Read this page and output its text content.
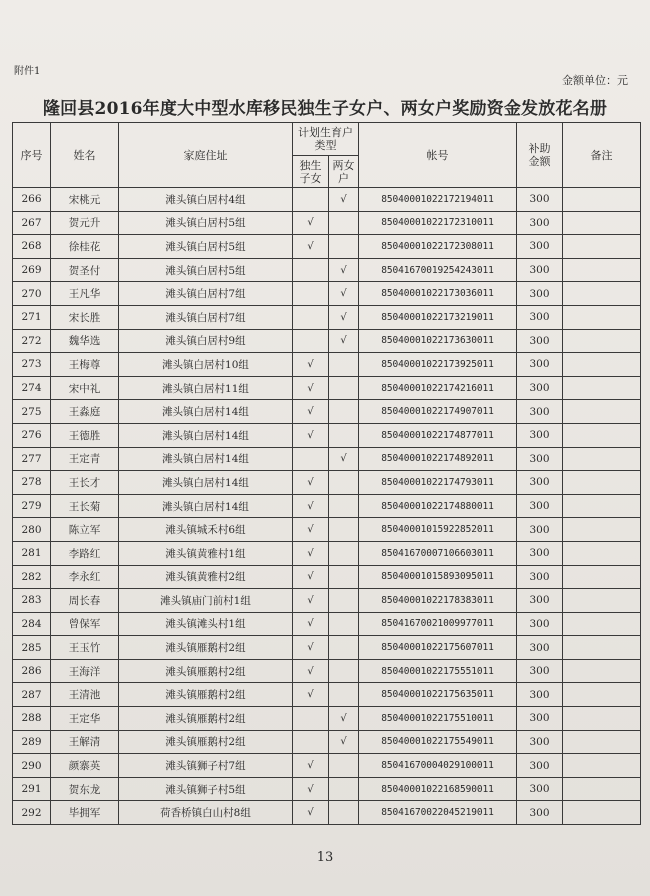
附件1
金额单位：元
隆回县2016年度大中型水库移民独生子女户、两女户奖励资金发放花名册
序号	姓名	家庭住址	计划生育户类型		帐号	补助金额	备注
			独生子女	两女户			
266	宋桃元	滩头镇白居村4组		√	85040001022172194011	300	
267	贺元升	滩头镇白居村5组	√		85040001022172310011	300	
268	徐桂花	滩头镇白居村5组	√		85040001022172308011	300	
269	贺圣付	滩头镇白居村5组		√	85041670019254243011	300	
270	王凡华	滩头镇白居村7组		√	85040001022173036011	300	
271	宋长胜	滩头镇白居村7组		√	85040001022173219011	300	
272	魏华选	滩头镇白居村9组		√	85040001022173630011	300	
273	王梅尊	滩头镇白居村10组	√		85040001022173925011	300	
274	宋中礼	滩头镇白居村11组	√		85040001022174216011	300	
275	王淼庭	滩头镇白居村14组	√		85040001022174907011	300	
276	王德胜	滩头镇白居村14组	√		85040001022174877011	300	
277	王定青	滩头镇白居村14组		√	85040001022174892011	300	
278	王长才	滩头镇白居村14组	√		85040001022174793011	300	
279	王长菊	滩头镇白居村14组	√		85040001022174880011	300	
280	陈立军	滩头镇城禾村6组	√		85040001015922852011	300	
281	李路红	滩头镇黄雅村1组	√		85041670007106603011	300	
282	李永红	滩头镇黄雅村2组	√		85040001015893095011	300	
283	周长春	滩头镇庙门前村1组	√		85040001022178383011	300	
284	曾保军	滩头镇滩头村1组	√		85041670021009977011	300	
285	王玉竹	滩头镇雁鹅村2组	√		85040001022175607011	300	
286	王海洋	滩头镇雁鹅村2组	√		85040001022175551011	300	
287	王清池	滩头镇雁鹅村2组	√		85040001022175635011	300	
288	王定华	滩头镇雁鹅村2组		√	85040001022175510011	300	
289	王解清	滩头镇雁鹅村2组		√	85040001022175549011	300	
290	颜寨英	滩头镇狮子村7组	√		85041670004029100011	300	
291	贺东龙	滩头镇狮子村5组	√		85040001022168590011	300	
292	毕拥军	荷香桥镇白山村8组	√		85041670022045219011	300	
13
